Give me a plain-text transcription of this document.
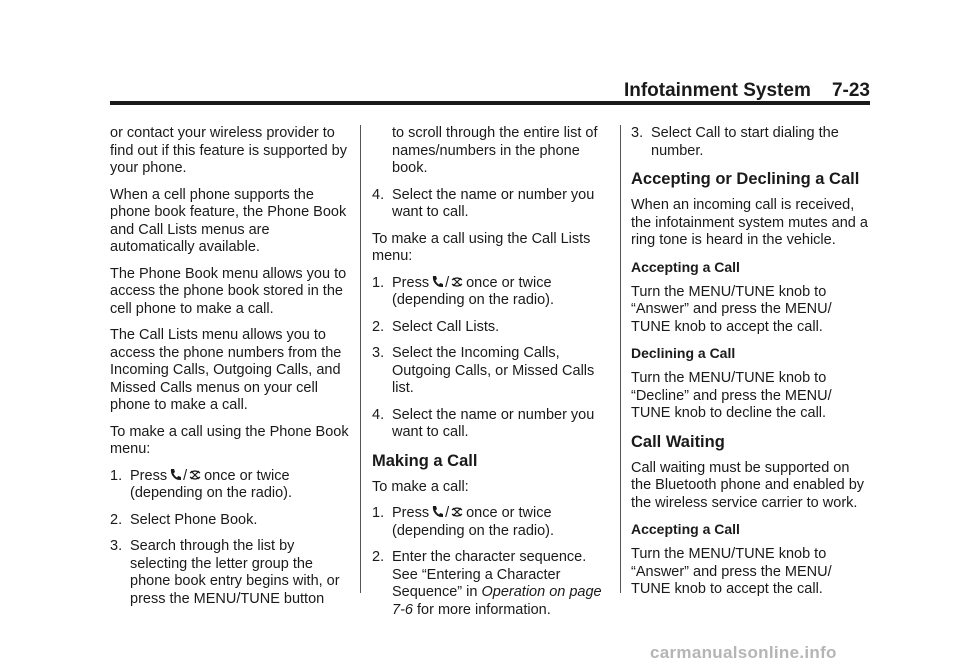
Infotainment System 7-23

or contact your wireless provider to find out if this feature is supported by your phone.

When a cell phone supports the phone book feature, the Phone Book and Call Lists menus are automatically available.

The Phone Book menu allows you to access the phone book stored in the cell phone to make a call.

The Call Lists menu allows you to access the phone numbers from the Incoming Calls, Outgoing Calls, and Missed Calls menus on your cell phone to make a call.

To make a call using the Phone Book menu:

1. Press / once or twice
(depending on the radio).
2. Select Phone Book.
3. Search through the list by selecting the letter group the phone book entry begins with, or press the MENU/TUNE button
to scroll through the entire list of names/numbers in the phone book.
4. Select the name or number you want to call.

To make a call using the Call Lists menu:

1. Press / once or twice
(depending on the radio).
2. Select Call Lists.
3. Select the Incoming Calls, Outgoing Calls, or Missed Calls list.
4. Select the name or number you want to call.
Making a Call

To make a call:

1. Press / once or twice
(depending on the radio).
2. Enter the character sequence. See “Entering a Character Sequence” in Operation on page 7-6 for more information.
3. Select Call to start dialing the number.
Accepting or Declining a Call

When an incoming call is received, the infotainment system mutes and a ring tone is heard in the vehicle.

Accepting a Call

Turn the MENU/TUNE knob to “Answer” and press the MENU/ TUNE knob to accept the call.

Declining a Call

Turn the MENU/TUNE knob to “Decline” and press the MENU/ TUNE knob to decline the call.

Call Waiting

Call waiting must be supported on the Bluetooth phone and enabled by the wireless service carrier to work.

Accepting a Call

Turn the MENU/TUNE knob to “Answer” and press the MENU/ TUNE knob to accept the call.

carmanualsonline.info
